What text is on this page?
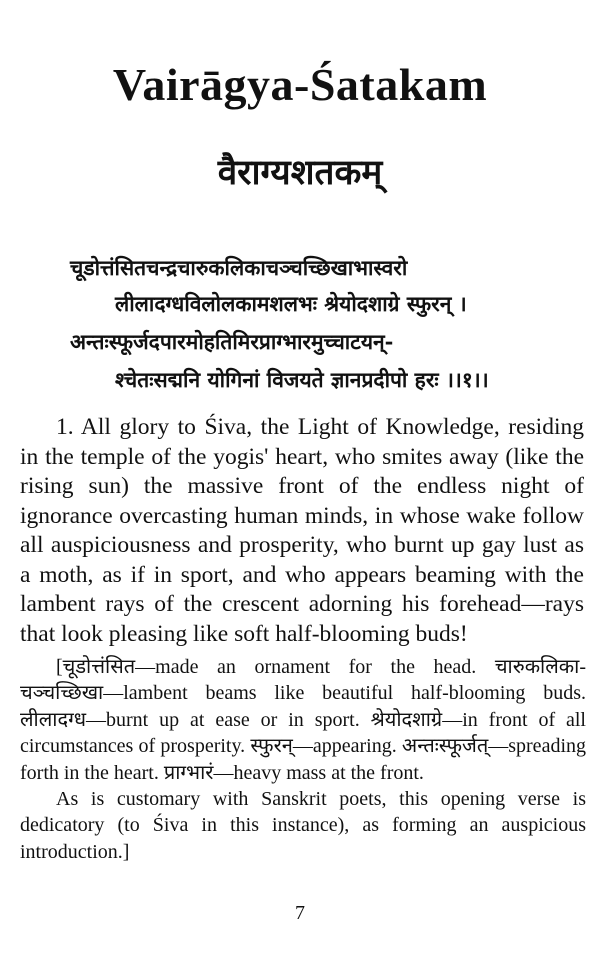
Vairāgya-Śatakam
वैराग्यशतकम्
चूडोत्तंसितचन्द्रचारुकलिकाचञ्चच्छिखाभास्वरो
लीलादग्धविलोलकामशलभः श्रेयोदशाग्रे स्फुरन् ।
अन्तःस्फूर्जदपारमोहतिमिरप्राग्भारमुच्चाटयन्-
श्चेतःसद्मनि योगिनां विजयते ज्ञानप्रदीपो हरः ।।१।।

1. All glory to Śiva, the Light of Knowledge, residing in the temple of the yogis' heart, who smites away (like the rising sun) the massive front of the endless night of ignorance overcasting human minds, in whose wake follow all auspiciousness and prosperity, who burnt up gay lust as a moth, as if in sport, and who appears beaming with the lambent rays of the crescent adorning his forehead—rays that look pleasing like soft half-blooming buds!

[चूडोत्तंसित—made an ornament for the head. चारुकलिका-चञ्चच्छिखा—lambent beams like beautiful half-blooming buds. लीलादग्ध—burnt up at ease or in sport. श्रेयोदशाग्रे—in front of all circumstances of prosperity. स्फुरन्—appearing. अन्तःस्फूर्जत्—spreading forth in the heart. प्राग्भारं—heavy mass at the front.

As is customary with Sanskrit poets, this opening verse is dedicatory (to Śiva in this instance), as forming an auspicious introduction.]

7
